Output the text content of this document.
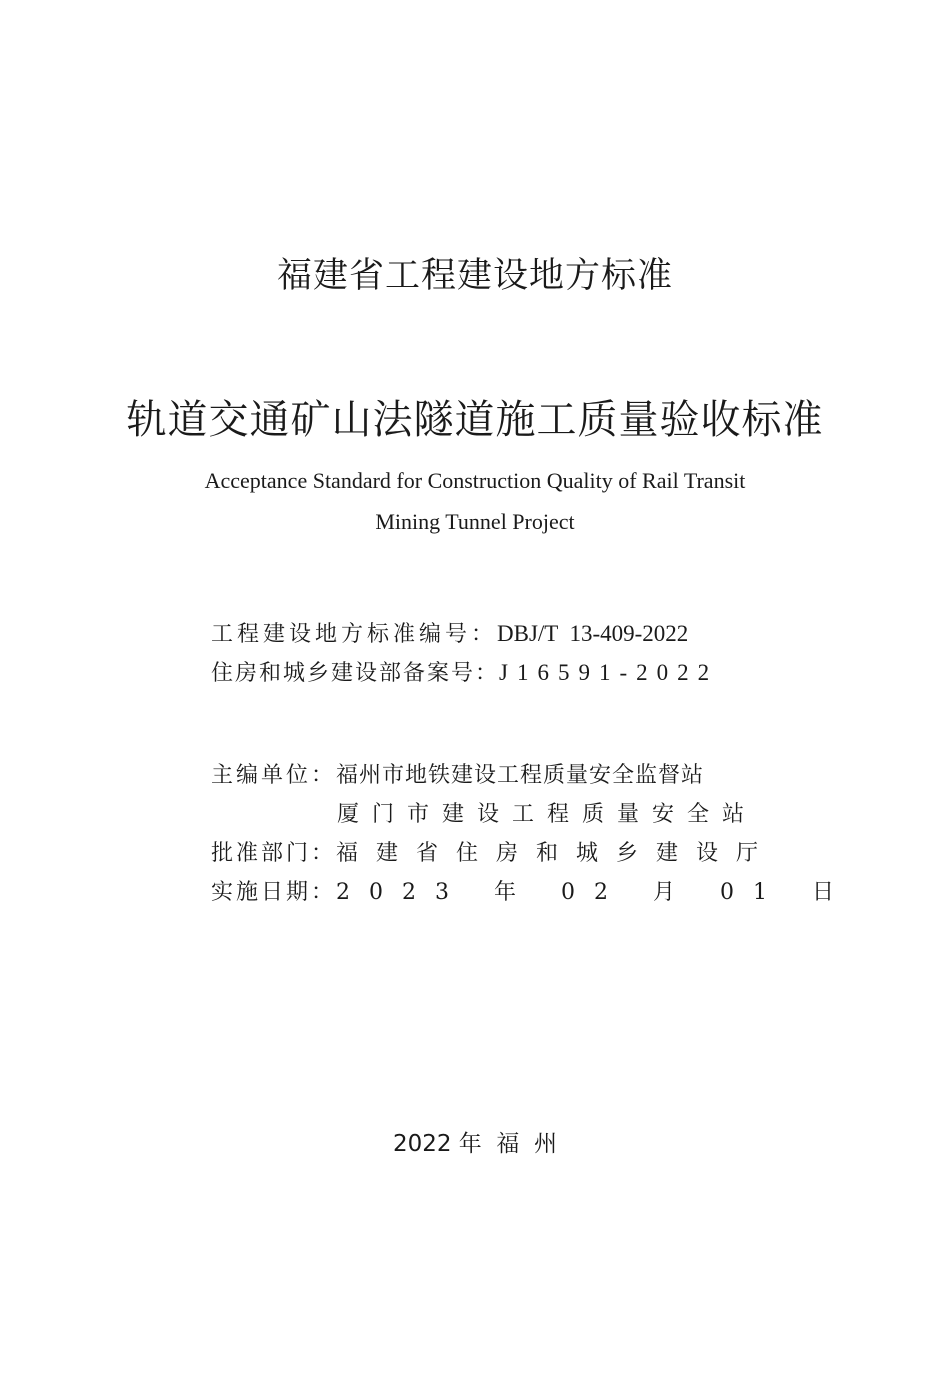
福建省工程建设地方标准
轨道交通矿山法隧道施工质量验收标准
Acceptance Standard for Construction Quality of Rail Transit
Mining Tunnel Project
工程建设地方标准编号：DBJ/T  13-409-2022
住房和城乡建设部备案号：J16591-2022
主编单位：福州市地铁建设工程质量安全监督站
厦门市建设工程质量安全站
批准部门：福建省住房和城乡建设厅
实施日期：2023 年 02 月 01 日
2022 年  福  州
